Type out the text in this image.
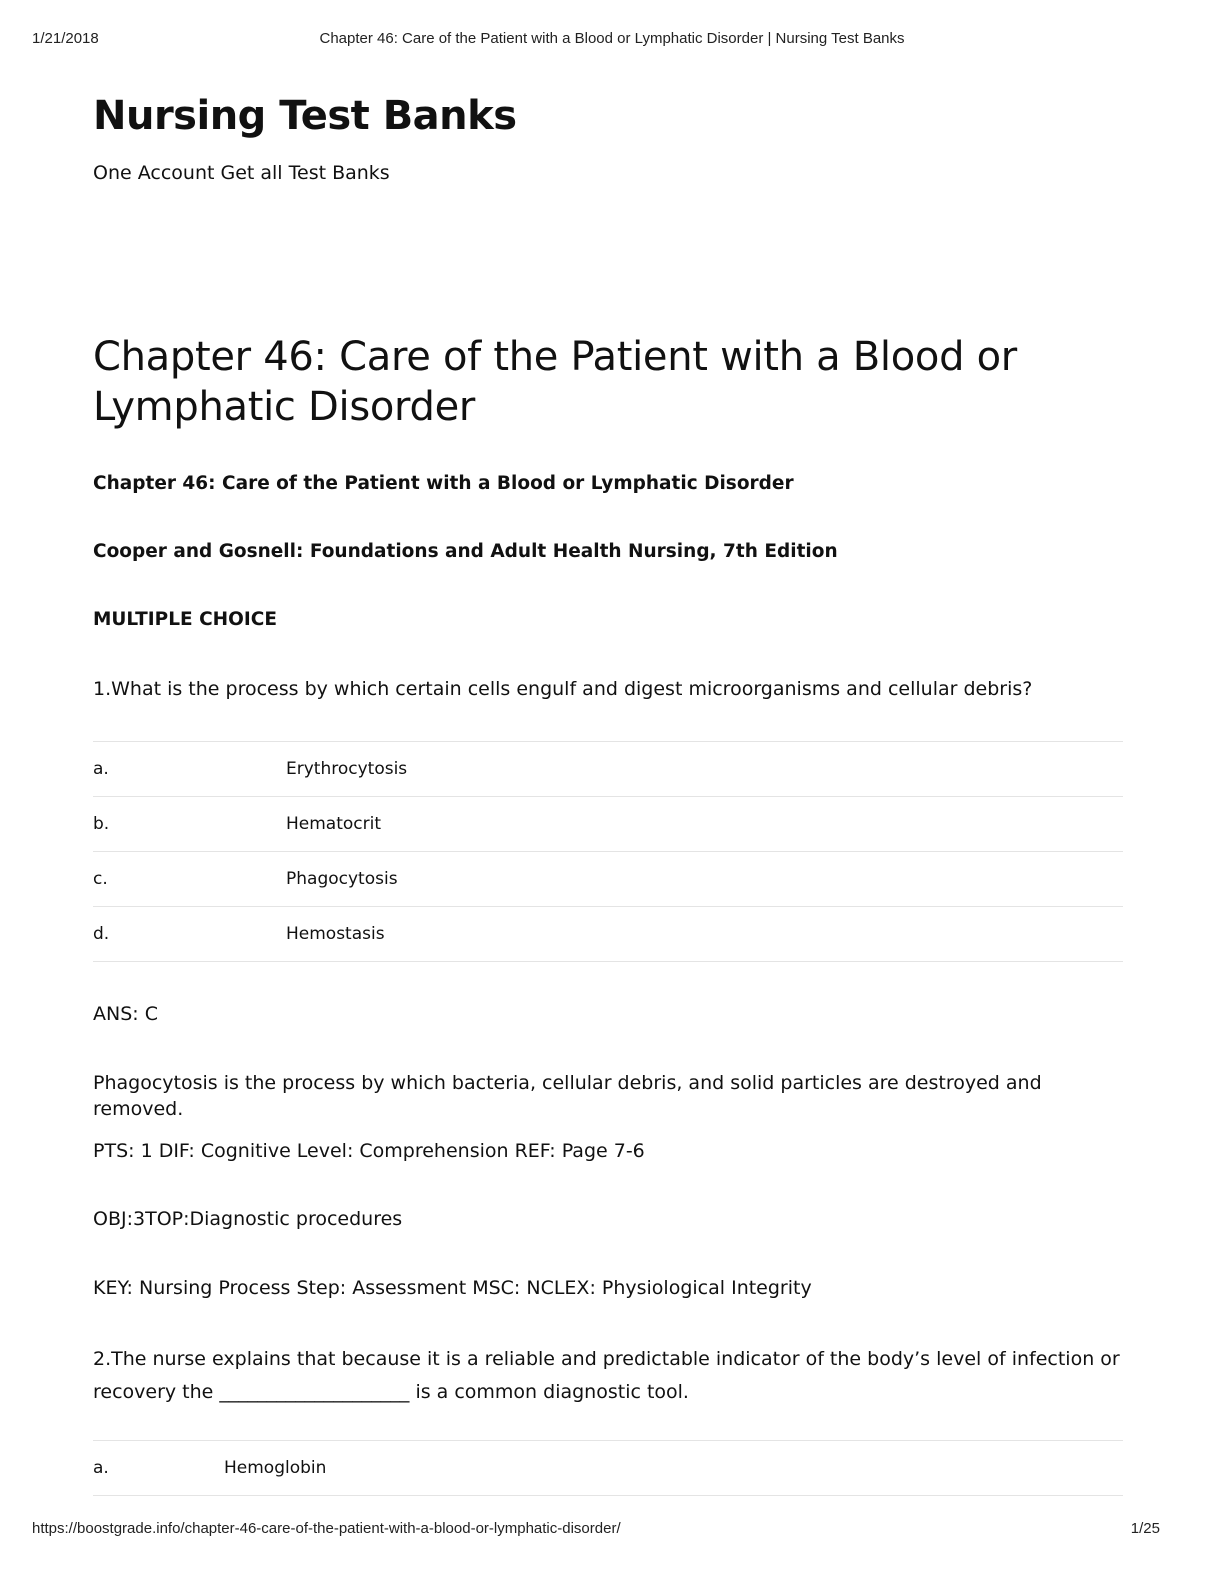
Chapter 46: Care of the Patient with a Blood or Lymphatic Disorder | Nursing Test Banks
1/21/2018
Nursing Test Banks

One Account Get all Test Banks

Chapter 46: Care of the Patient with a Blood or Lymphatic Disorder

Chapter 46: Care of the Patient with a Blood or Lymphatic Disorder

Cooper and Gosnell: Foundations and Adult Health Nursing, 7th Edition

MULTIPLE CHOICE

1.What is the process by which certain cells engulf and digest microorganisms and cellular debris?

a.	Erythrocytosis
b.	Hematocrit
c.	Phagocytosis
d.	Hemostasis

ANS: C

Phagocytosis is the process by which bacteria, cellular debris, and solid particles are destroyed and removed.

PTS: 1 DIF: Cognitive Level: Comprehension REF: Page 7-6

OBJ:3TOP:Diagnostic procedures

KEY: Nursing Process Step: Assessment MSC: NCLEX: Physiological Integrity

2.The nurse explains that because it is a reliable and predictable indicator of the body’s level of infection or

recovery the ____________________ is a common diagnostic tool.

a.	Hemoglobin
https://boostgrade.info/chapter-46-care-of-the-patient-with-a-blood-or-lymphatic-disorder/	1/25
